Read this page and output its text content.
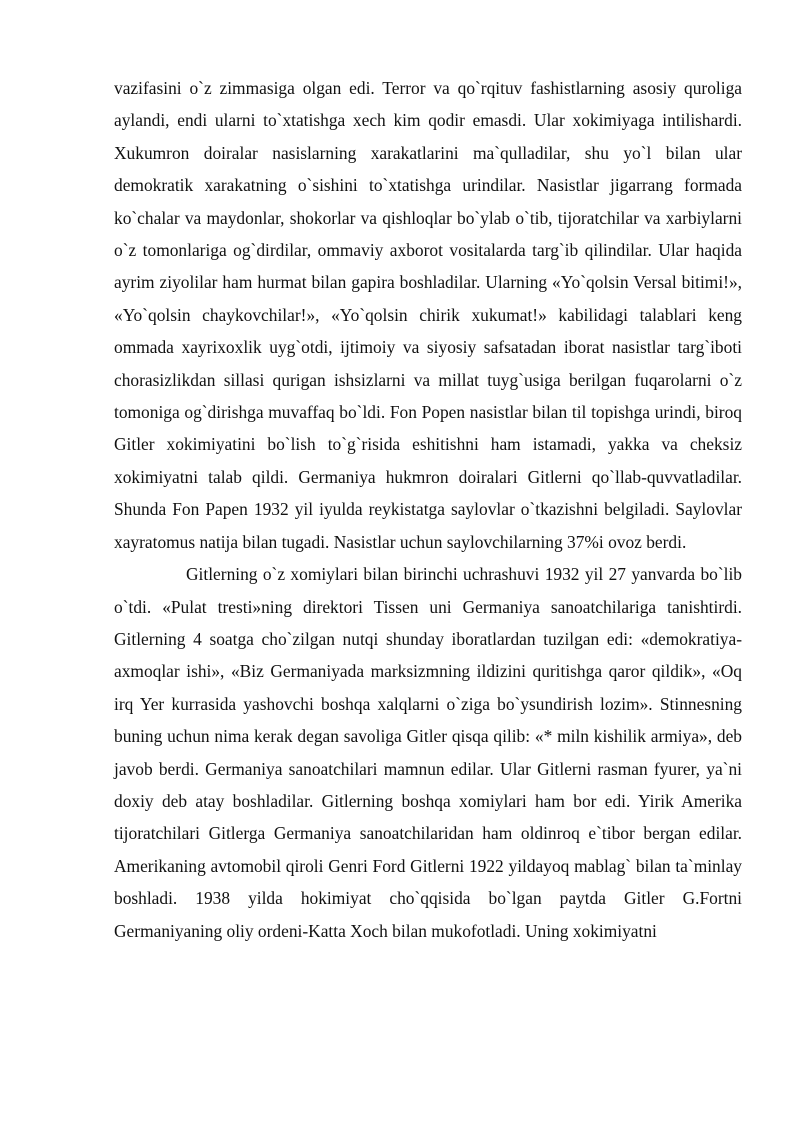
vazifasini o`z zimmasiga olgan edi. Terror va qo`rqituv fashistlarning asosiy quroliga aylandi, endi ularni to`xtatishga xech kim qodir emasdi. Ular xokimiyaga intilishardi. Xukumron doiralar nasislarning xarakatlarini ma`qulladilar, shu yo`l bilan ular demokratik xarakatning o`sishini to`xtatishga urindilar. Nasistlar jigarrang formada ko`chalar va maydonlar, shokorlar va qishloqlar bo`ylab o`tib, tijoratchilar va xarbiylarni o`z tomonlariga og`dirdilar, ommaviy axborot vositalarda targ`ib qilindilar. Ular haqida ayrim ziyolilar ham hurmat bilan gapira boshladilar. Ularning «Yo`qolsin Versal bitimi!», «Yo`qolsin chaykovchilar!», «Yo`qolsin chirik xukumat!» kabilidagi talablari keng ommada xayrixoxlik uyg`otdi, ijtimoiy va siyosiy safsatadan iborat nasistlar targ`iboti chorasizlikdan sillasi qurigan ishsizlarni va millat tuyg`usiga berilgan fuqarolarni o`z tomoniga og`dirishga muvaffaq bo`ldi. Fon Popen nasistlar bilan til topishga urindi, biroq Gitler xokimiyatini bo`lish to`g`risida eshitishni ham istamadi, yakka va cheksiz xokimiyatni talab qildi. Germaniya hukmron doiralari Gitlerni qo`llab-quvvatladilar. Shunda Fon Papen 1932 yil iyulda reykistatga saylovlar o`tkazishni belgiladi. Saylovlar xayratomus natija bilan tugadi. Nasistlar uchun saylovchilarning 37%i ovoz berdi.

Gitlerning o`z xomiylari bilan birinchi uchrashuvi 1932 yil 27 yanvarda bo`lib o`tdi. «Pulat tresti»ning direktori Tissen uni Germaniya sanoatchilariga tanishtirdi. Gitlerning 4 soatga cho`zilgan nutqi shunday iboratlardan tuzilgan edi: «demokratiya-axmoqlar ishi», «Biz Germaniyada marksizmning ildizini quritishga qaror qildik», «Oq irq Yer kurrasida yashovchi boshqa xalqlarni o`ziga bo`ysundirish lozim». Stinnesning buning uchun nima kerak degan savoliga Gitler qisqa qilib: «* miln kishilik armiya», deb javob berdi. Germaniya sanoatchilari mamnun edilar. Ular Gitlerni rasman fyurer, ya`ni doxiy deb atay boshladilar. Gitlerning boshqa xomiylari ham bor edi. Yirik Amerika tijoratchilari Gitlerga Germaniya sanoatchilaridan ham oldinroq e`tibor bergan edilar. Amerikaning avtomobil qiroli Genri Ford Gitlerni 1922 yildayoq mablag` bilan ta`minlay boshladi. 1938 yilda hokimiyat cho`qqisida bo`lgan paytda Gitler G.Fortni Germaniyaning oliy ordeni-Katta Xoch bilan mukofotladi. Uning xokimiyatni
